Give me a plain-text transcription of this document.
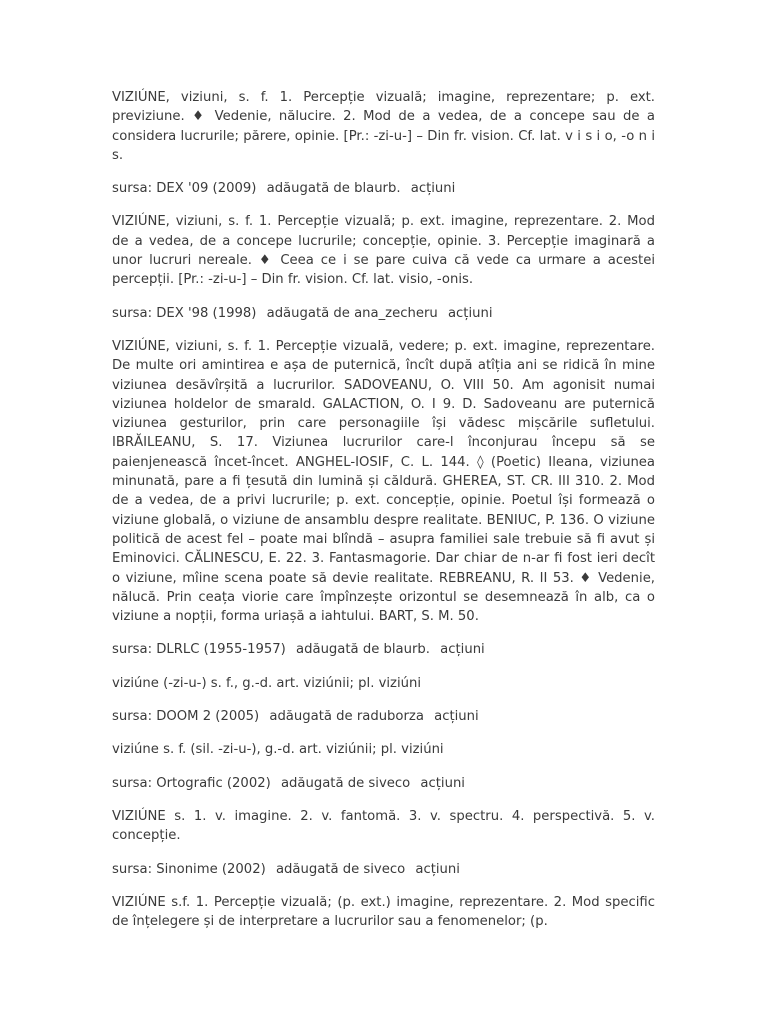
VIZIÚNE, viziuni, s. f. 1. Percepție vizuală; imagine, reprezentare; p. ext. previziune. ♦ Vedenie, nălucire. 2. Mod de a vedea, de a concepe sau de a considera lucrurile; părere, opinie. [Pr.: -zi-u-] – Din fr. vision. Cf. lat. v i s i o, -o n i s.

sursa: DEX '09 (2009) adăugată de blaurb. acțiuni

VIZIÚNE, viziuni, s. f. 1. Percepție vizuală; p. ext. imagine, reprezentare. 2. Mod de a vedea, de a concepe lucrurile; concepție, opinie. 3. Percepție imaginară a unor lucruri nereale. ♦ Ceea ce i se pare cuiva că vede ca urmare a acestei percepții. [Pr.: -zi-u-] – Din fr. vision. Cf. lat. visio, -onis.

sursa: DEX '98 (1998) adăugată de ana_zecheru acțiuni

VIZIÚNE, viziuni, s. f. 1. Percepție vizuală, vedere; p. ext. imagine, reprezentare. De multe ori amintirea e așa de puternică, încît după atîția ani se ridică în mine viziunea desăvîrșită a lucrurilor. SADOVEANU, O. VIII 50. Am agonisit numai viziunea holdelor de smarald. GALACTION, O. I 9. D. Sadoveanu are puternică viziunea gesturilor, prin care personagiile își vădesc mișcările sufletului. IBRĂILEANU, S. 17. Viziunea lucrurilor care-l înconjurau începu să se paienjenească încet-încet. ANGHEL-IOSIF, C. L. 144. ◊ (Poetic) Ileana, viziunea minunată, pare a fi țesută din lumină și căldură. GHEREA, ST. CR. III 310. 2. Mod de a vedea, de a privi lucrurile; p. ext. concepție, opinie. Poetul își formează o viziune globală, o viziune de ansamblu despre realitate. BENIUC, P. 136. O viziune politică de acest fel – poate mai blîndă – asupra familiei sale trebuie să fi avut și Eminovici. CĂLINESCU, E. 22. 3. Fantasmagorie. Dar chiar de n-ar fi fost ieri decît o viziune, mîine scena poate să devie realitate. REBREANU, R. II 53. ♦ Vedenie, nălucă. Prin ceața viorie care împînzește orizontul se desemnează în alb, ca o viziune a nopții, forma uriașă a iahtului. BART, S. M. 50.

sursa: DLRLC (1955-1957) adăugată de blaurb. acțiuni

viziúne (-zi-u-) s. f., g.-d. art. viziúnii; pl. viziúni

sursa: DOOM 2 (2005) adăugată de raduborza acțiuni

viziúne s. f. (sil. -zi-u-), g.-d. art. viziúnii; pl. viziúni

sursa: Ortografic (2002) adăugată de siveco acțiuni

VIZIÚNE s. 1. v. imagine. 2. v. fantomă. 3. v. spectru. 4. perspectivă. 5. v. concepție.

sursa: Sinonime (2002) adăugată de siveco acțiuni

VIZIÚNE s.f. 1. Percepție vizuală; (p. ext.) imagine, reprezentare. 2. Mod specific de înțelegere și de interpretare a lucrurilor sau a fenomenelor; (p.
